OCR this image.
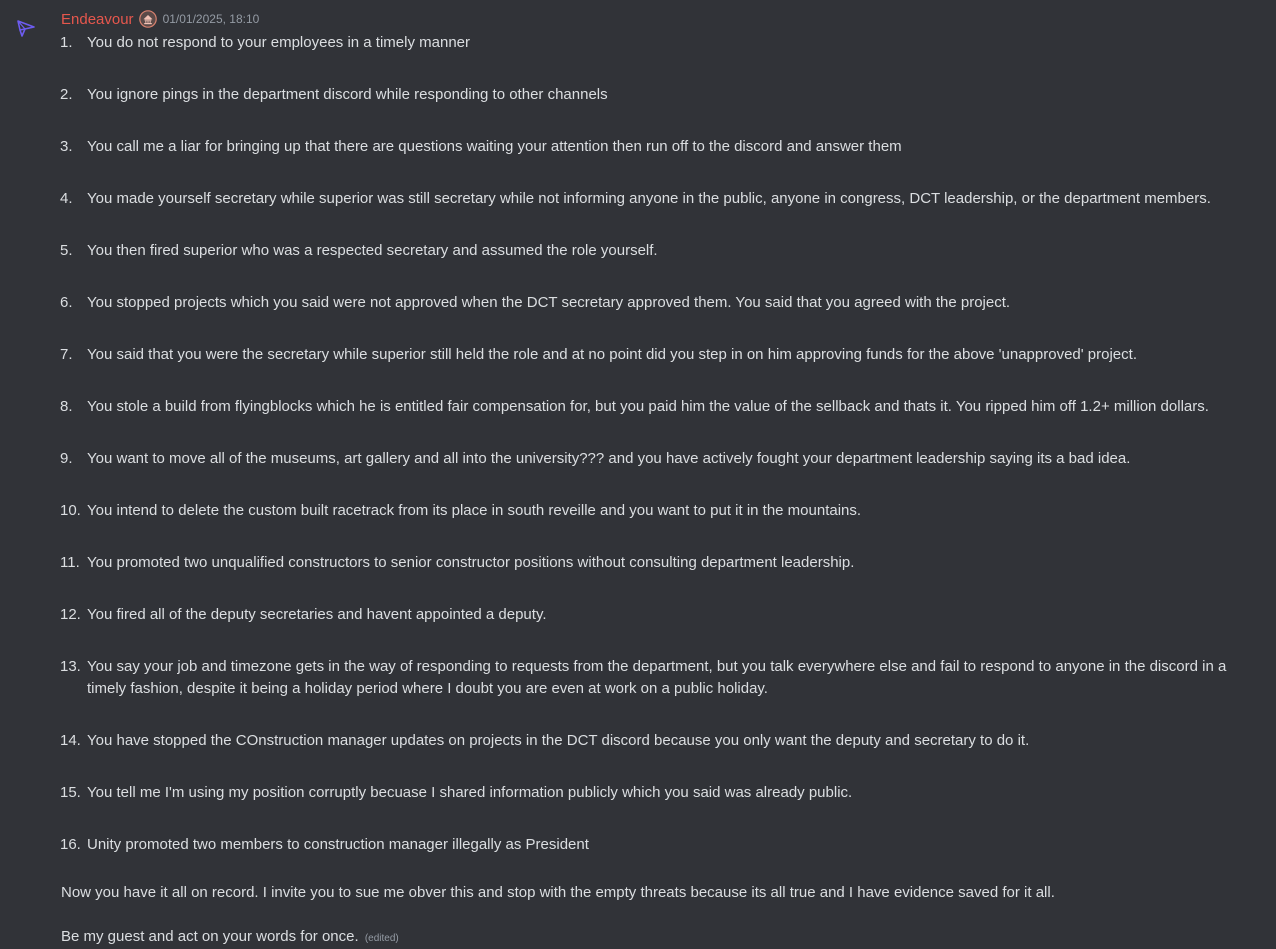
Endeavour 01/01/2025, 18:10
1. You do not respond to your employees in a timely manner
2. You ignore pings in the department discord while responding to other channels
3. You call me a liar for bringing up that there are questions waiting your attention then run off to the discord and answer them
4. You made yourself secretary while superior was still secretary while not informing anyone in the public, anyone in congress, DCT leadership, or the department members.
5. You then fired superior who was a respected secretary and assumed the role yourself.
6. You stopped projects which you said were not approved when the DCT secretary approved them. You said that you agreed with the project.
7. You said that you were the secretary while superior still held the role and at no point did you step in on him approving funds for the above 'unapproved' project.
8. You stole a build from flyingblocks which he is entitled fair compensation for, but you paid him the value of the sellback and thats it. You ripped him off 1.2+ million dollars.
9. You want to move all of the museums, art gallery and all into the university??? and you have actively fought your department leadership saying its a bad idea.
10. You intend to delete the custom built racetrack from its place in south reveille and you want to put it in the mountains.
11. You promoted two unqualified constructors to senior constructor positions without consulting department leadership.
12. You fired all of the deputy secretaries and havent appointed a deputy.
13. You say your job and timezone gets in the way of responding to requests from the department, but you talk everywhere else and fail to respond to anyone in the discord in a timely fashion, despite it being a holiday period where I doubt you are even at work on a public holiday.
14. You have stopped the COnstruction manager updates on projects in the DCT discord because you only want the deputy and secretary to do it.
15. You tell me I'm using my position corruptly becuase I shared information publicly which you said was already public.
16. Unity promoted two members to construction manager illegally as President
Now you have it all on record. I invite you to sue me obver this and stop with the empty threats because its all true and I have evidence saved for it all.
Be my guest and act on your words for once. (edited)
